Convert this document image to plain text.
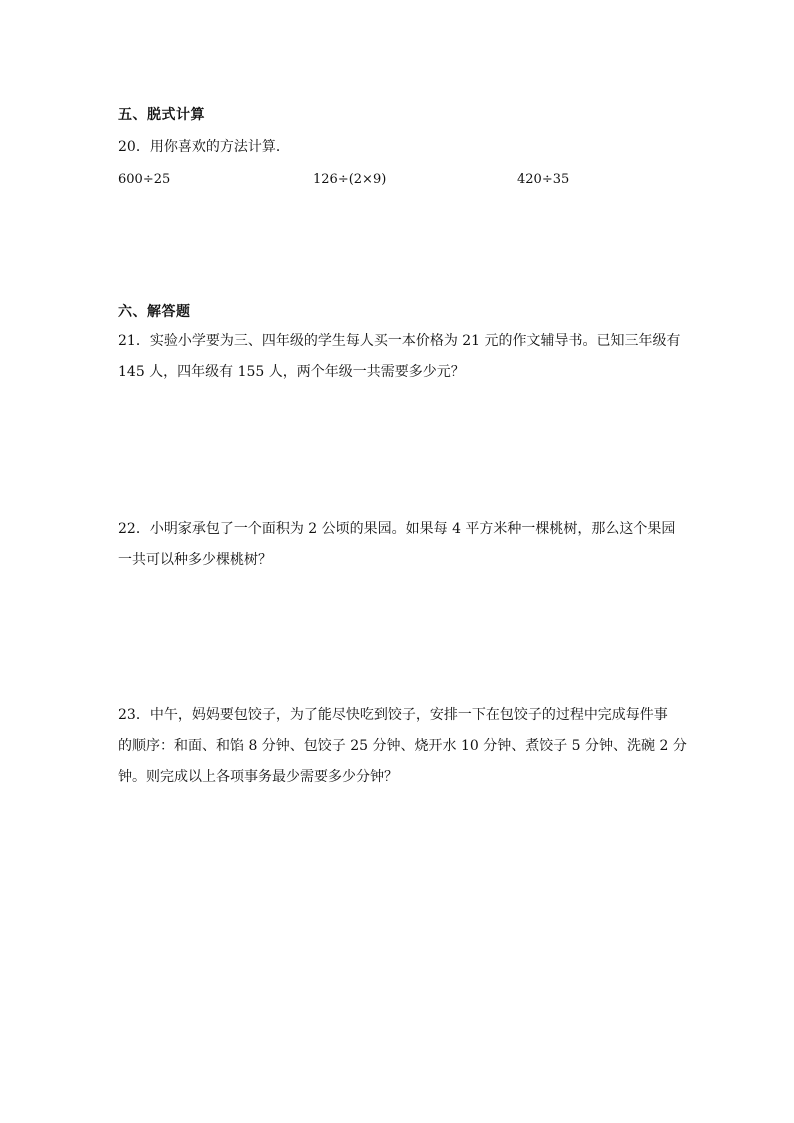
五、脱式计算
20．用你喜欢的方法计算．
600÷25	126÷(2×9)	420÷35
六、解答题

21．实验小学要为三、四年级的学生每人买一本价格为 21 元的作文辅导书。已知三年级有

145 人，四年级有 155 人，两个年级一共需要多少元？

22．小明家承包了一个面积为 2 公顷的果园。如果每 4 平方米种一棵桃树，那么这个果园

一共可以种多少棵桃树？

23．中午，妈妈要包饺子，为了能尽快吃到饺子，安排一下在包饺子的过程中完成每件事

的顺序：和面、和馅 8 分钟、包饺子 25 分钟、烧开水 10 分钟、煮饺子 5 分钟、洗碗 2 分

钟。则完成以上各项事务最少需要多少分钟？
